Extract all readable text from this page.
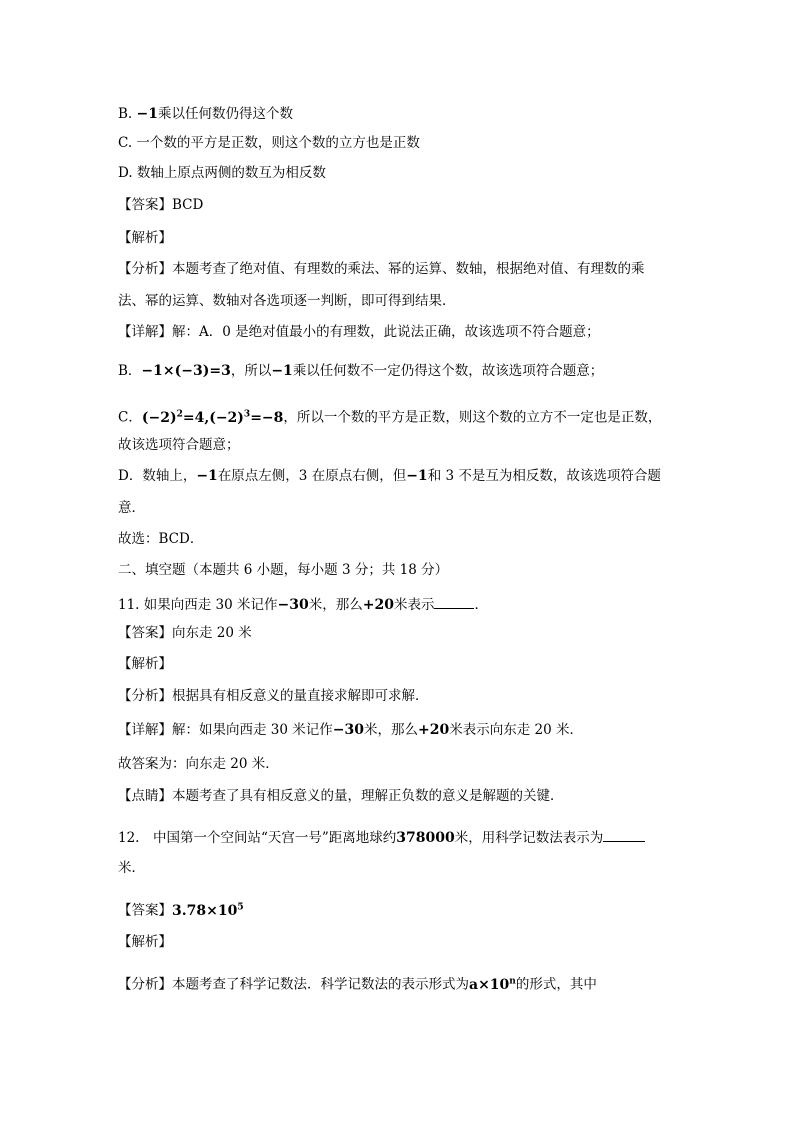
B. −1乘以任何数仍得这个数

C. 一个数的平方是正数，则这个数的立方也是正数

D. 数轴上原点两侧的数互为相反数

【答案】BCD

【解析】

【分析】本题考查了绝对值、有理数的乘法、幂的运算、数轴，根据绝对值、有理数的乘

法、幂的运算、数轴对各选项逐一判断，即可得到结果．

【详解】解：A．0 是绝对值最小的有理数，此说法正确，故该选项不符合题意；

B．−1×(−3)=3，所以−1乘以任何数不一定仍得这个数，故该选项符合题意；

C．$(-2)^2=4,(-2)^3=-8$，所以一个数的平方是正数，则这个数的立方不一定也是正数，

故该选项符合题意；

D．数轴上，−1在原点左侧，3 在原点右侧，但−1和 3 不是互为相反数，故该选项符合题

意．

故选：BCD．

二、填空题（本题共 6 小题，每小题 3 分；共 18 分）

11. 如果向西走 30 米记作−30米，那么+20米表示	．

【答案】向东走 20 米

【解析】

【分析】根据具有相反意义的量直接求解即可求解．

【详解】解：如果向西走 30 米记作−30米，那么+20米表示向东走 20 米．

故答案为：向东走 20 米．

【点睛】本题考查了具有相反意义的量，理解正负数的意义是解题的关键．

12.　中国第一个空间站“天宫一号”距离地球约378000米，用科学记数法表示为

米．

【答案】$3.78\times 10^5$

【解析】

【分析】本题考查了科学记数法．科学记数法的表示形式为$a\times 10^n$的形式，其中
